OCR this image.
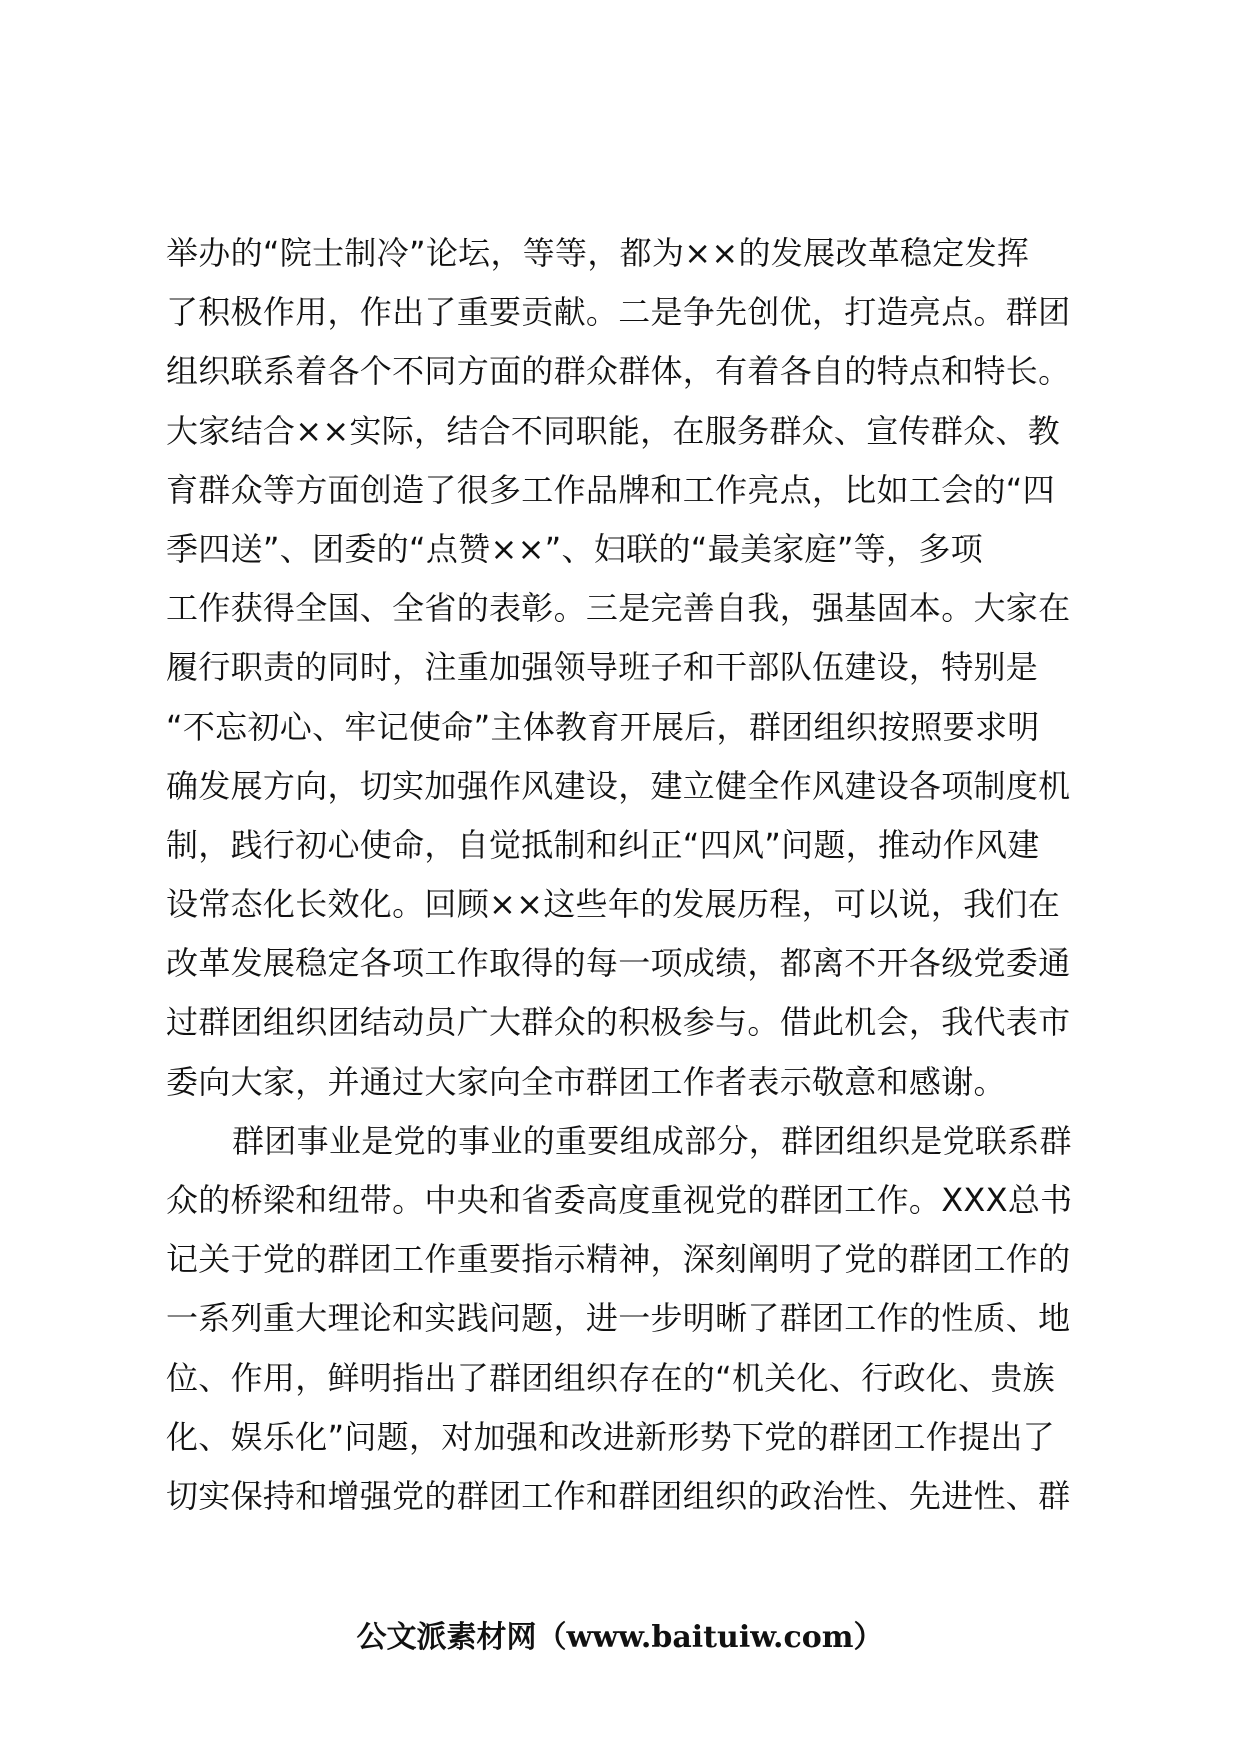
举办的“院士制冷”论坛，等等，都为××的发展改革稳定发挥
了积极作用，作出了重要贡献。二是争先创优，打造亮点。群团
组织联系着各个不同方面的群众群体，有着各自的特点和特长。
大家结合××实际，结合不同职能，在服务群众、宣传群众、教
育群众等方面创造了很多工作品牌和工作亮点，比如工会的“四
季四送”、团委的“点赞××”、妇联的“最美家庭”等，多项
工作获得全国、全省的表彰。三是完善自我，强基固本。大家在
履行职责的同时，注重加强领导班子和干部队伍建设，特别是
“不忘初心、牢记使命”主体教育开展后，群团组织按照要求明
确发展方向，切实加强作风建设，建立健全作风建设各项制度机
制，践行初心使命，自觉抵制和纠正“四风”问题，推动作风建
设常态化长效化。回顾××这些年的发展历程，可以说，我们在
改革发展稳定各项工作取得的每一项成绩，都离不开各级党委通
过群团组织团结动员广大群众的积极参与。借此机会，我代表市
委向大家，并通过大家向全市群团工作者表示敬意和感谢。
群团事业是党的事业的重要组成部分，群团组织是党联系群
众的桥梁和纽带。中央和省委高度重视党的群团工作。XXX总书
记关于党的群团工作重要指示精神，深刻阐明了党的群团工作的
一系列重大理论和实践问题，进一步明晰了群团工作的性质、地
位、作用，鲜明指出了群团组织存在的“机关化、行政化、贵族
化、娱乐化”问题，对加强和改进新形势下党的群团工作提出了
切实保持和增强党的群团工作和群团组织的政治性、先进性、群
公文派素材网（www.baituiw.com）
